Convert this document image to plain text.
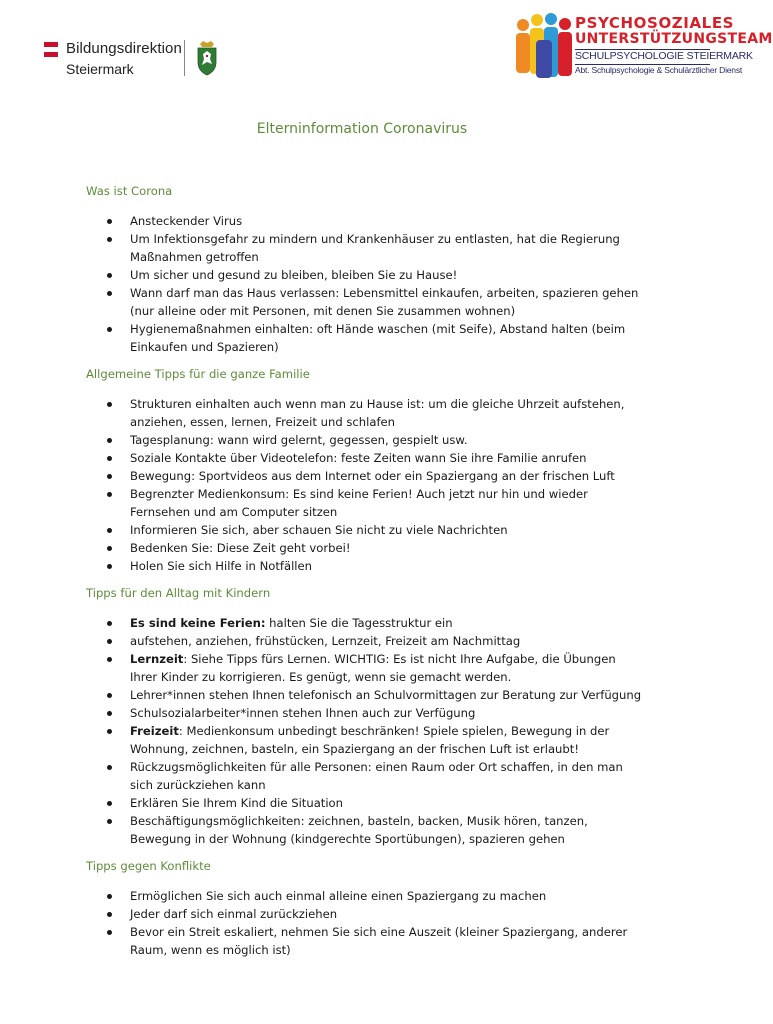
Bildungsdirektion
Steiermark
PSYCHOSOZIALES
UNTERSTÜTZUNGSTEAM
SCHULPSYCHOLOGIE STEIERMARK
Abt. Schulpsychologie & Schulärztlicher Dienst
Elterninformation Coronavirus
Was ist Corona
Ansteckender Virus
Um Infektionsgefahr zu mindern und Krankenhäuser zu entlasten, hat die Regierung Maßnahmen getroffen
Um sicher und gesund zu bleiben, bleiben Sie zu Hause!
Wann darf man das Haus verlassen: Lebensmittel einkaufen, arbeiten, spazieren gehen (nur alleine oder mit Personen, mit denen Sie zusammen wohnen)
Hygienemaßnahmen einhalten: oft Hände waschen (mit Seife), Abstand halten (beim Einkaufen und Spazieren)
Allgemeine Tipps für die ganze Familie
Strukturen einhalten auch wenn man zu Hause ist: um die gleiche Uhrzeit aufstehen, anziehen, essen, lernen, Freizeit und schlafen
Tagesplanung: wann wird gelernt, gegessen, gespielt usw.
Soziale Kontakte über Videotelefon: feste Zeiten wann Sie ihre Familie anrufen
Bewegung: Sportvideos aus dem Internet oder ein Spaziergang an der frischen Luft
Begrenzter Medienkonsum: Es sind keine Ferien! Auch jetzt nur hin und wieder Fernsehen und am Computer sitzen
Informieren Sie sich, aber schauen Sie nicht zu viele Nachrichten
Bedenken Sie: Diese Zeit geht vorbei!
Holen Sie sich Hilfe in Notfällen
Tipps für den Alltag mit Kindern
Es sind keine Ferien: halten Sie die Tagesstruktur ein
aufstehen, anziehen, frühstücken, Lernzeit, Freizeit am Nachmittag
Lernzeit: Siehe Tipps fürs Lernen. WICHTIG: Es ist nicht Ihre Aufgabe, die Übungen Ihrer Kinder zu korrigieren. Es genügt, wenn sie gemacht werden.
Lehrer*innen stehen Ihnen telefonisch an Schulvormittagen zur Beratung zur Verfügung
Schulsozialarbeiter*innen stehen Ihnen auch zur Verfügung
Freizeit: Medienkonsum unbedingt beschränken! Spiele spielen, Bewegung in der Wohnung, zeichnen, basteln, ein Spaziergang an der frischen Luft ist erlaubt!
Rückzugsmöglichkeiten für alle Personen: einen Raum oder Ort schaffen, in den man sich zurückziehen kann
Erklären Sie Ihrem Kind die Situation
Beschäftigungsmöglichkeiten: zeichnen, basteln, backen, Musik hören, tanzen, Bewegung in der Wohnung (kindgerechte Sportübungen), spazieren gehen
Tipps gegen Konflikte
Ermöglichen Sie sich auch einmal alleine einen Spaziergang zu machen
Jeder darf sich einmal zurückziehen
Bevor ein Streit eskaliert, nehmen Sie sich eine Auszeit (kleiner Spaziergang, anderer Raum, wenn es möglich ist)
